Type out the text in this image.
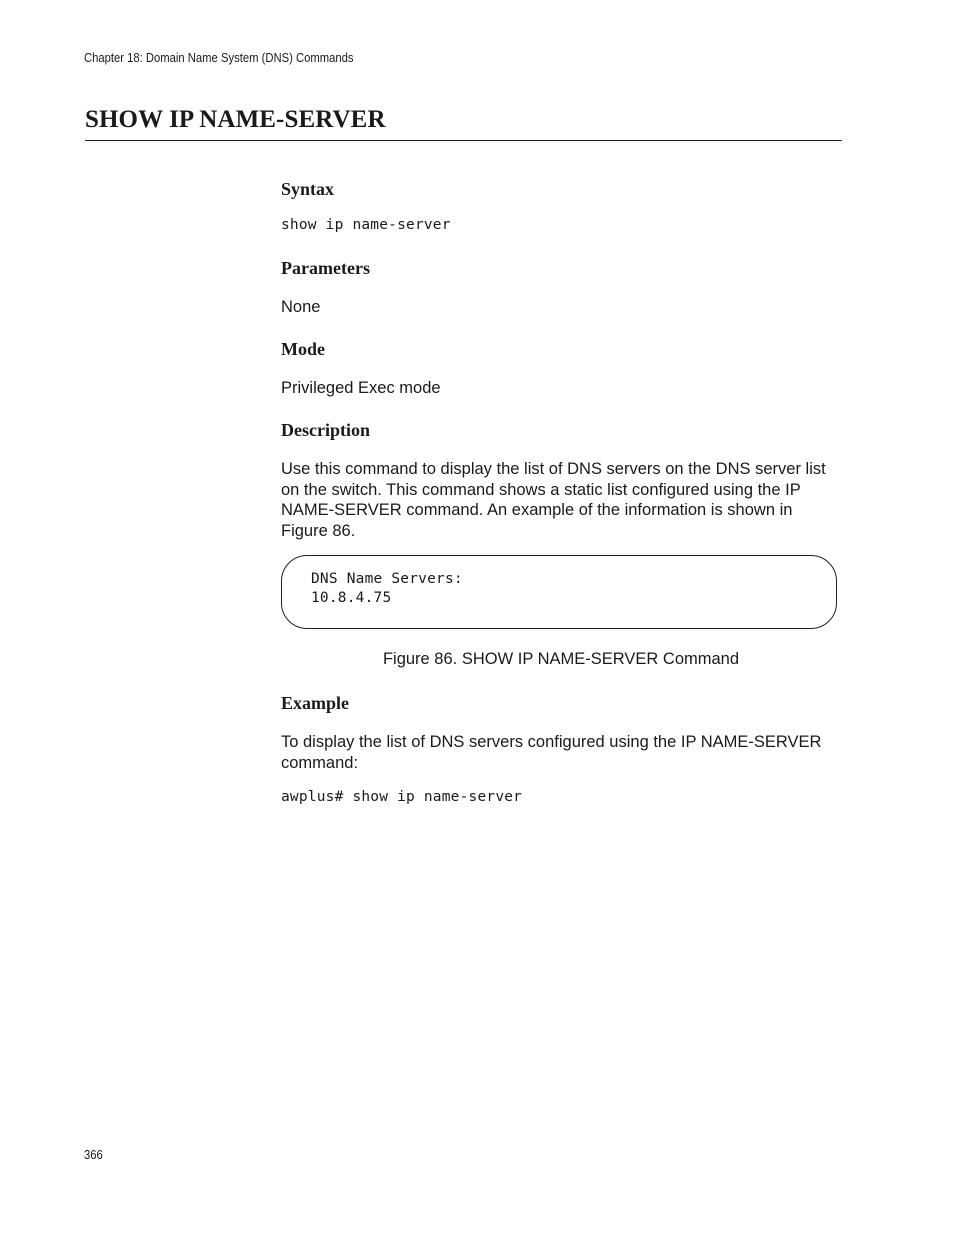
Chapter 18: Domain Name System (DNS) Commands
SHOW IP NAME-SERVER
Syntax
show ip name-server
Parameters

None

Mode

Privileged Exec mode

Description

Use this command to display the list of DNS servers on the DNS server list on the switch. This command shows a static list configured using the IP NAME-SERVER command. An example of the information is shown in Figure 86.

DNS Name Servers:
10.8.4.75

Figure 86. SHOW IP NAME-SERVER Command

Example

To display the list of DNS servers configured using the IP NAME-SERVER command:

awplus# show ip name-server
366
